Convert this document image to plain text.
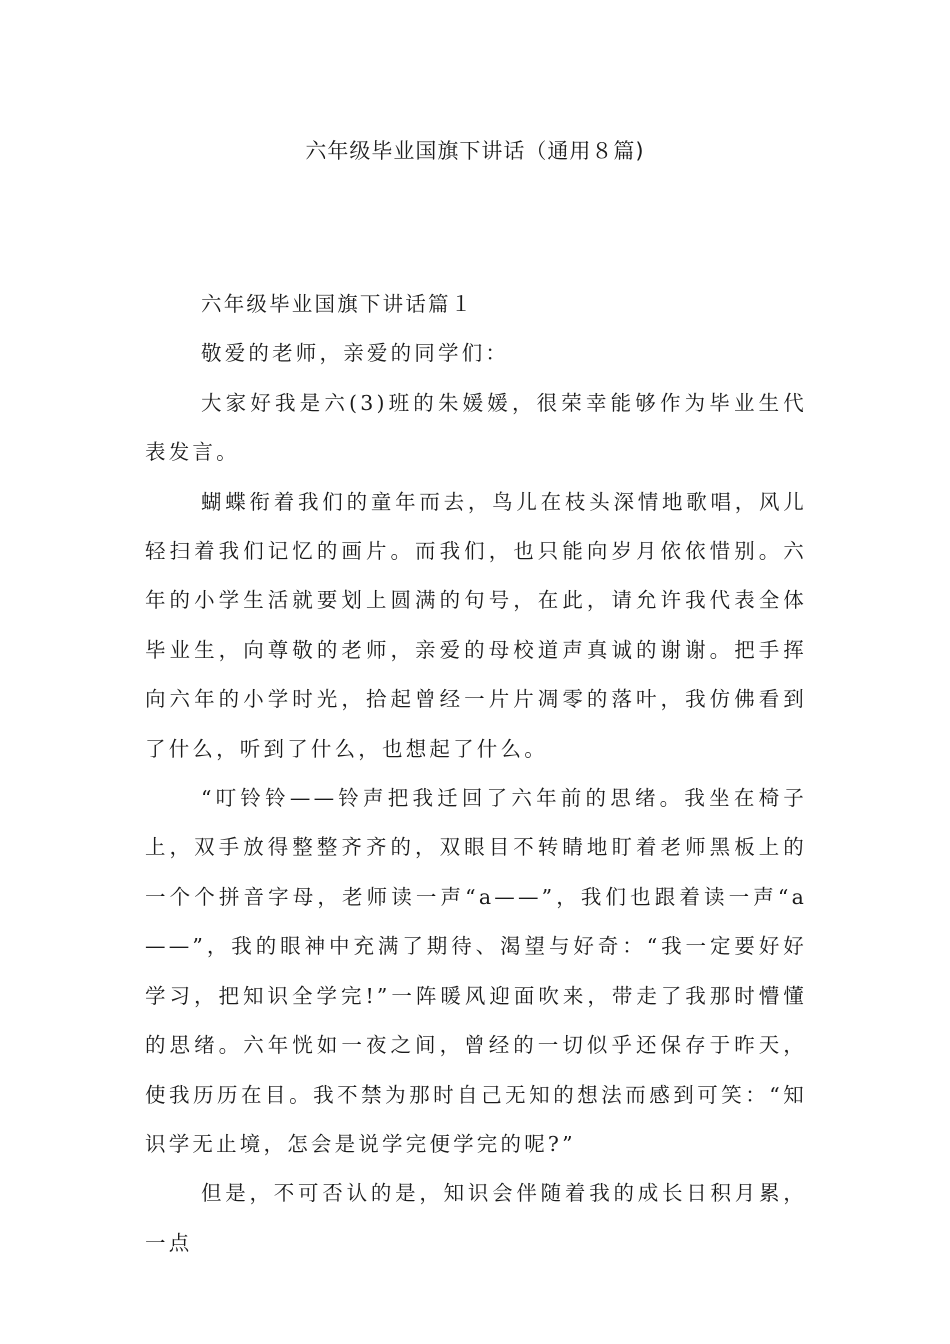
六年级毕业国旗下讲话（通用８篇)

六年级毕业国旗下讲话篇１

敬爱的老师，亲爱的同学们：

大家好我是六(3)班的朱媛媛，很荣幸能够作为毕业生代表发言。

蝴蝶衔着我们的童年而去，鸟儿在枝头深情地歌唱，风儿轻扫着我们记忆的画片。而我们，也只能向岁月依依惜别。六年的小学生活就要划上圆满的句号，在此，请允许我代表全体毕业生，向尊敬的老师，亲爱的母校道声真诚的谢谢。把手挥向六年的小学时光，拾起曾经一片片凋零的落叶，我仿佛看到了什么，听到了什么，也想起了什么。

“叮铃铃——铃声把我迁回了六年前的思绪。我坐在椅子上，双手放得整整齐齐的，双眼目不转睛地盯着老师黑板上的一个个拼音字母，老师读一声“a——”，我们也跟着读一声“a——”，我的眼神中充满了期待、渴望与好奇：“我一定要好好学习，把知识全学完!”一阵暖风迎面吹来，带走了我那时懵懂的思绪。六年恍如一夜之间，曾经的一切似乎还保存于昨天，使我历历在目。我不禁为那时自己无知的想法而感到可笑：“知识学无止境，怎会是说学完便学完的呢?”

但是，不可否认的是，知识会伴随着我的成长日积月累，一点
